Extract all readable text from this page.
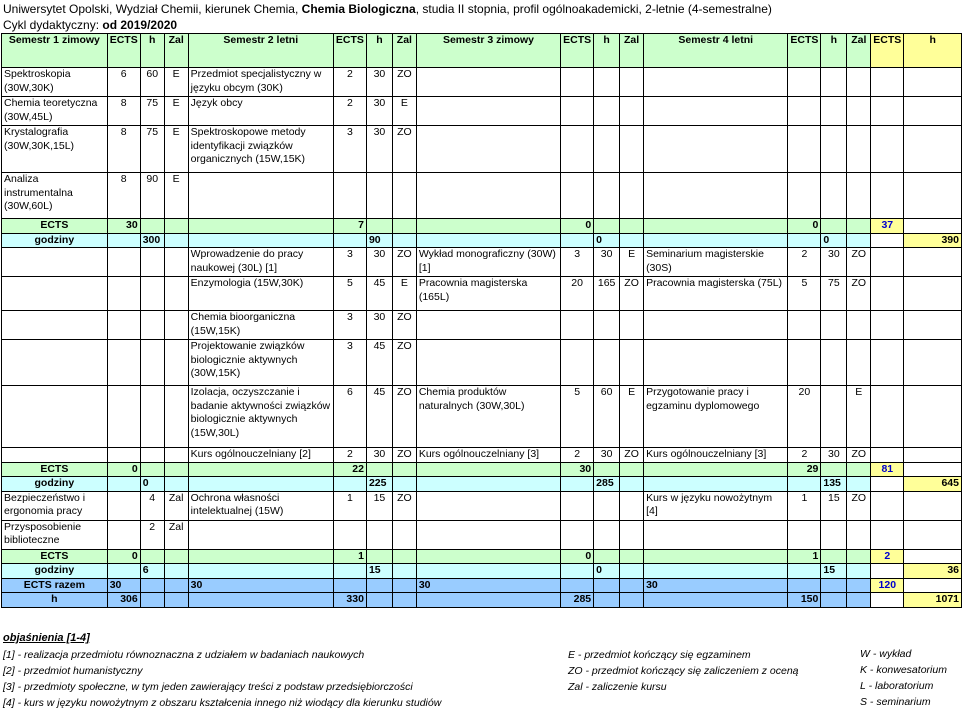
Uniwersytet Opolski, Wydział Chemii, kierunek Chemia, Chemia Biologiczna, studia II stopnia, profil ogólnoakademicki, 2-letnie (4-semestralne)
Cykl dydaktyczny: od 2019/2020
Semestr 1 zimowy	ECTS	h	Zal	Semestr 2 letni	ECTS	h	Zal	Semestr 3 zimowy	ECTS	h	Zal	Semestr 4 letni	ECTS	h	Zal	ECTS	h
Spektroskopia (30W,30K)	6	60	E	Przedmiot specjalistyczny w języku obcym (30K)	2	30	ZO										
Chemia teoretyczna (30W,45L)	8	75	E	Język obcy	2	30	E										
Krystalografia (30W,30K,15L)	8	75	E	Spektroskopowe metody identyfikacji związków organicznych (15W,15K)	3	30	ZO										
Analiza instrumentalna (30W,60L)	8	90	E														
ECTS	30				7				0				0			37	
godziny		300				90				0				0			390
				Wprowadzenie do pracy naukowej (30L) [1]	3	30	ZO	Wykład monograficzny (30W) [1]	3	30	E	Seminarium magisterskie (30S)	2	30	ZO		
				Enzymologia (15W,30K)	5	45	E	Pracownia magisterska (165L)	20	165	ZO	Pracownia magisterska (75L)	5	75	ZO		
				Chemia bioorganiczna (15W,15K)	3	30	ZO										
				Projektowanie związków biologicznie aktywnych (30W,15K)	3	45	ZO										
				Izolacja, oczyszczanie i badanie aktywności związków biologicznie aktywnych (15W,30L)	6	45	ZO	Chemia produktów naturalnych (30W,30L)	5	60	E	Przygotowanie pracy i egzaminu dyplomowego	20		E		
				Kurs ogólnouczelniany [2]	2	30	ZO	Kurs ogólnouczelniany [3]	2	30	ZO	Kurs ogólnouczelniany [3]	2	30	ZO		
ECTS	0				22				30				29			81	
godziny		0				225				285				135			645
Bezpieczeństwo i ergonomia pracy		4	Zal	Ochrona własności intelektualnej (15W)	1	15	ZO					Kurs w języku nowożytnym [4]	1	15	ZO		
Przysposobienie biblioteczne		2	Zal														
ECTS	0				1				0				1			2	
godziny		6				15				0				15			36
ECTS razem	30			30				30				30				120	
h	306				330				285				150				1071
objaśnienia [1-4]
[1] - realizacja przedmiotu równoznaczna z udziałem w badaniach naukowych
[2] - przedmiot humanistyczny
[3] - przedmioty społeczne, w tym jeden zawierający treści z podstaw przedsiębiorczości
[4] - kurs w języku nowożytnym z obszaru kształcenia innego niż wiodący dla kierunku studiów
E - przedmiot kończący się egzaminem
ZO - przedmiot kończący się zaliczeniem z oceną
Zal - zaliczenie kursu
W - wykład
K - konwesatorium
L - laboratorium
S - seminarium
